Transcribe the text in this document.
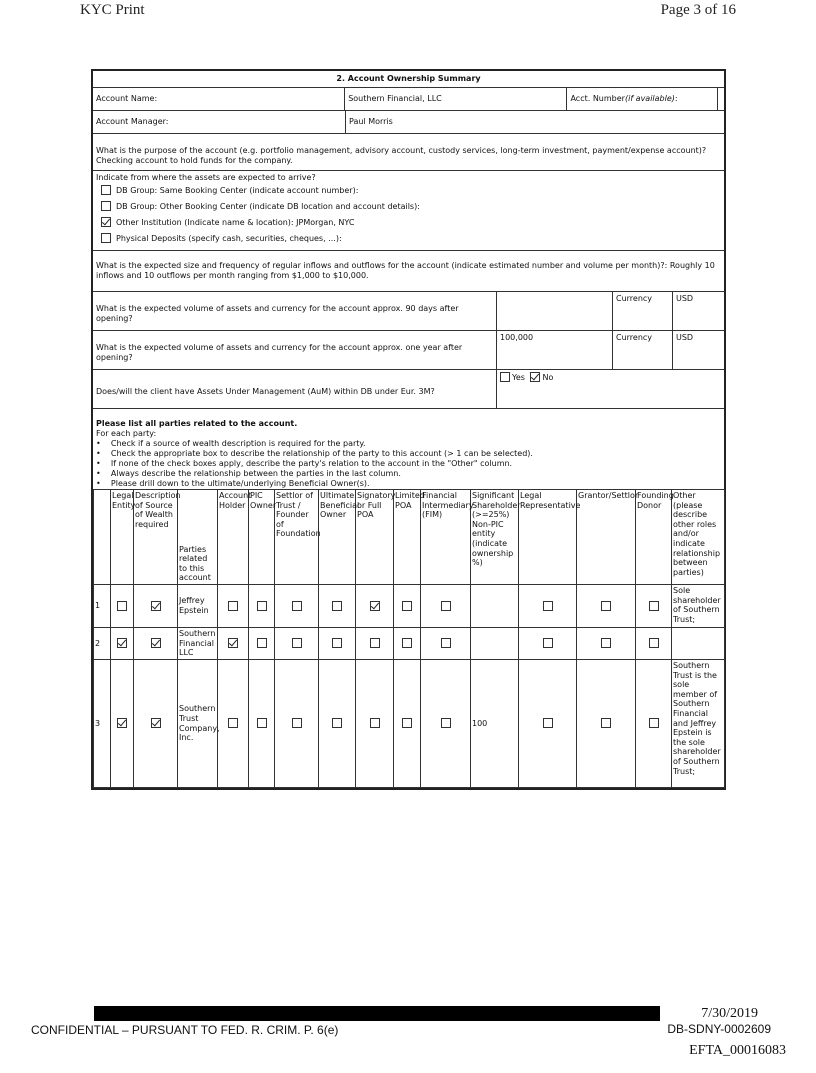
KYC Print	Page 3 of 16
2. Account Ownership Summary
Account Name:	Southern Financial, LLC	Acct. Number (if available) :
Account Manager:	Paul Morris
What is the purpose of the account (e.g. portfolio management, advisory account, custody services, long-term investment, payment/expense account)? Checking account to hold funds for the company.
Indicate from where the assets are expected to arrive?
DB Group: Same Booking Center (indicate account number):
DB Group: Other Booking Center (indicate DB location and account details):
Other Institution (Indicate name & location): JPMorgan, NYC
Physical Deposits (specify cash, securities, cheques, ...):
What is the expected size and frequency of regular inflows and outflows for the account (indicate estimated number and volume per month)?: Roughly 10 inflows and 10 outflows per month ranging from $1,000 to $10,000.
What is the expected volume of assets and currency for the account approx. 90 days after opening?
Currency	USD
What is the expected volume of assets and currency for the account approx. one year after opening?
100,000	Currency	USD
Does/will the client have Assets Under Management (AuM) within DB under Eur. 3M?
Yes No
Please list all parties related to the account.
For each party:
•    Check if a source of wealth description is required for the party.
•    Check the appropriate box to describe the relationship of the party to this account (> 1 can be selected).
•    If none of the check boxes apply, describe the party's relation to the account in the "Other" column.
•    Always describe the relationship between the parties in the last column.
•    Please drill down to the ultimate/underlying Beneficial Owner(s).
	Legal Entity	Description of Source of Wealth required	Parties related to this account	Account Holder	PIC Owner	Settlor of Trust / Founder of Foundation	Ultimate Beneficial Owner	Signatory or Full POA	Limited POA	Financial Intermediary (FIM)	Significant Shareholder (>=25%) Non-PIC entity (indicate ownership %)	Legal Representative	Grantor/Settlor	Founding Donor	Other (please describe other roles and/or indicate relationship between parties)
1			Jeffrey Epstein												Sole shareholder of Southern Trust;
2			Southern Financial LLC												
3			Southern Trust Company, Inc.								100				Southern Trust is the sole member of Southern Financial and Jeffrey Epstein is the sole shareholder of Southern Trust;
CONFIDENTIAL – PURSUANT TO FED. R. CRIM. P. 6(e)
7/30/2019
DB-SDNY-0002609
EFTA_00016083
